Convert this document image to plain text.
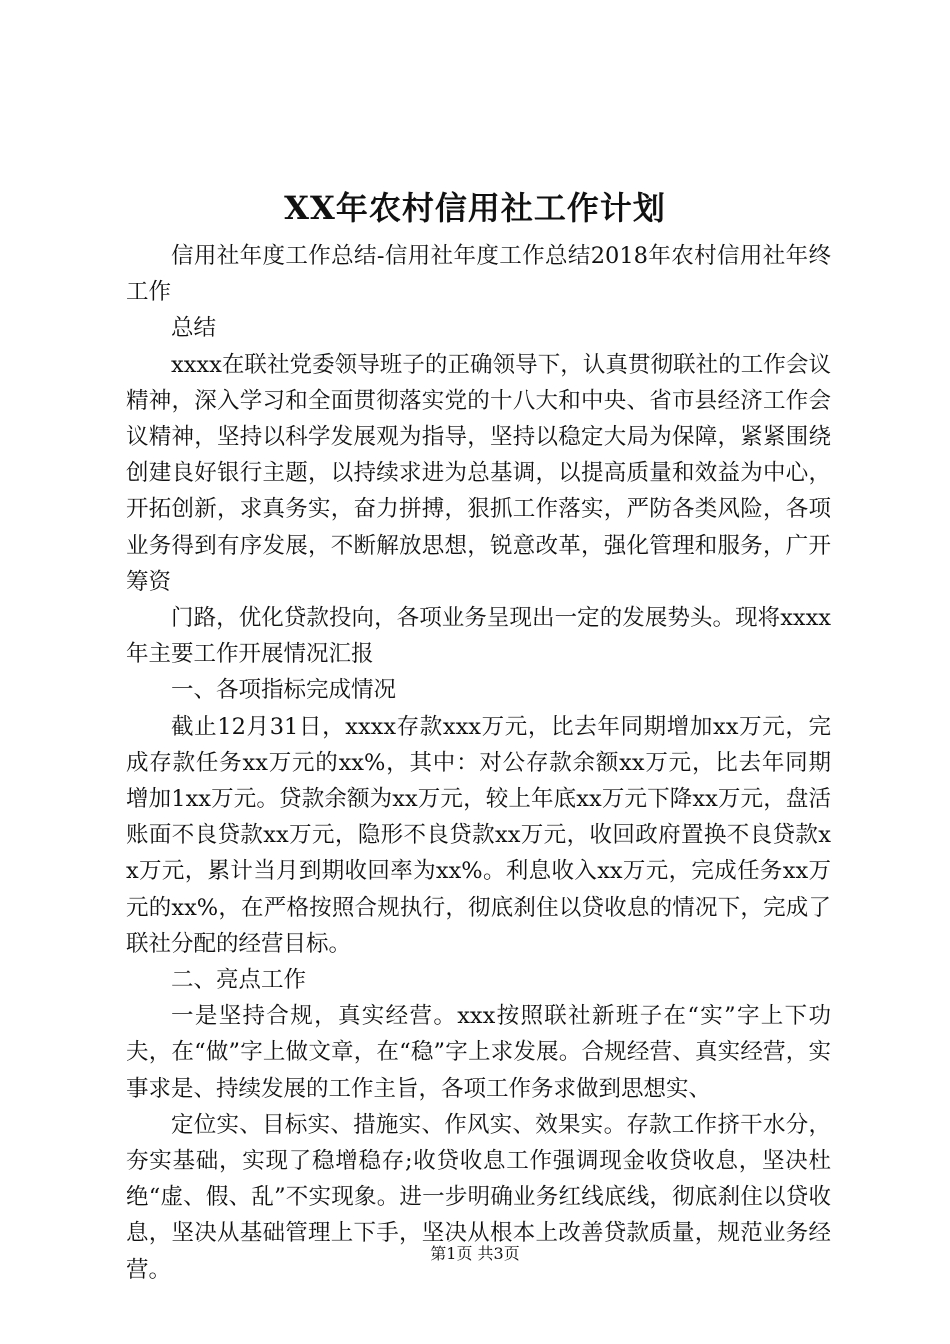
XX年农村信用社工作计划

信用社年度工作总结-信用社年度工作总结2018年农村信用社年终工作

总结

xxxx在联社党委领导班子的正确领导下，认真贯彻联社的工作会议精神，深入学习和全面贯彻落实党的十八大和中央、省市县经济工作会议精神，坚持以科学发展观为指导，坚持以稳定大局为保障，紧紧围绕创建良好银行主题，以持续求进为总基调，以提高质量和效益为中心，开拓创新，求真务实，奋力拼搏，狠抓工作落实，严防各类风险，各项业务得到有序发展，不断解放思想，锐意改革，强化管理和服务，广开筹资

门路，优化贷款投向，各项业务呈现出一定的发展势头。现将xxxx年主要工作开展情况汇报

一、各项指标完成情况

截止12月31日，xxxx存款xxx万元，比去年同期增加xx万元，完成存款任务xx万元的xx%，其中：对公存款余额xx万元，比去年同期增加1xx万元。贷款余额为xx万元，较上年底xx万元下降xx万元，盘活账面不良贷款xx万元，隐形不良贷款xx万元，收回政府置换不良贷款xx万元，累计当月到期收回率为xx%。利息收入xx万元，完成任务xx万元的xx%，在严格按照合规执行，彻底刹住以贷收息的情况下，完成了联社分配的经营目标。

二、亮点工作

一是坚持合规，真实经营。xxx按照联社新班子在“实”字上下功夫，在“做”字上做文章，在“稳”字上求发展。合规经营、真实经营，实事求是、持续发展的工作主旨，各项工作务求做到思想实、

定位实、目标实、措施实、作风实、效果实。存款工作挤干水分，夯实基础，实现了稳增稳存;收贷收息工作强调现金收贷收息，坚决杜绝“虚、假、乱”不实现象。进一步明确业务红线底线，彻底刹住以贷收息，坚决从基础管理上下手，坚决从根本上改善贷款质量，规范业务经营。

第1页 共3页
